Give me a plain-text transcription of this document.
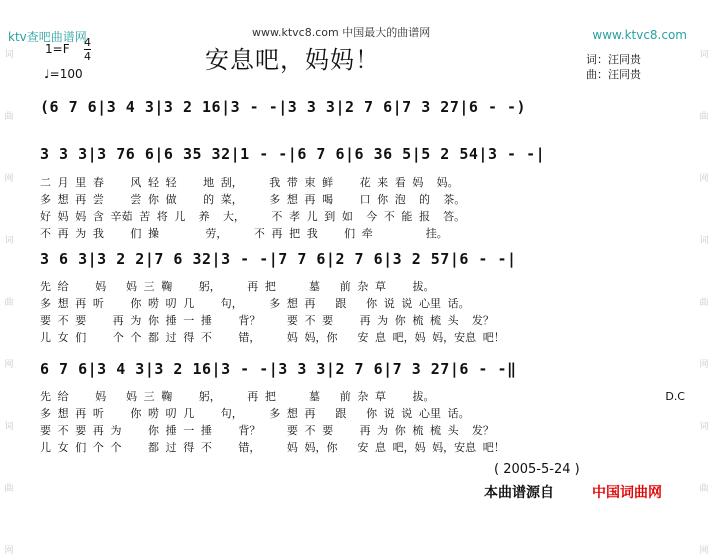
词
曲
网
词
曲
网
词
曲
网
词
曲
网
词
曲
网
词
曲
网
ktv查吧曲谱网	www.ktvc8.com 中国最大的曲谱网	www.ktvc8.com
安息吧，妈妈！
1=F 4
4
♩=100
词：汪同贵
曲：汪同贵
(6 7 6|3 4 3|3 2 16|3 - -|3 3 3|2 7 6|7 3 27|6 - -)
3 3 3|3 76 6|6 35 32|1 - -|6 7 6|6 36 5|5 2 54|3 - -|
二 月 里 春    风 轻 轻    地 刮，    我 带 束 鲜    花 来 看 妈  妈。
多 想 再 尝    尝 你 做    的 菜，    多 想 再 喝    口 你 泡  的  茶。
好 妈 妈 含 辛茹 苦 将 儿  养  大，    不 孝 儿 到 如  今 不 能 报  答。
不 再 为 我    们 操       劳，    不 再 把 我    们 牵        挂。
3 6 3|3 2 2|7 6 32|3 - -|7 7 6|2 7 6|3 2 57|6 - -|
先 给    妈   妈 三 鞠    躬，    再 把     墓   前 杂 草    拔。
多 想 再 听    你 唠 叨 几    句，    多 想 再   跟   你 说 说 心里 话。
要 不 要    再 为 你 捶 一 捶    背？    要 不 要    再 为 你 梳 梳 头  发？
儿 女 们    个 个 都 过 得 不    错，    妈 妈，你   安 息 吧，妈 妈，安息 吧！
6 7 6|3 4 3|3 2 16|3 - -|3 3 3|2 7 6|7 3 27|6 - -‖
先 给    妈   妈 三 鞠    躬，    再 把     墓   前 杂 草    拔。
多 想 再 听    你 唠 叨 几    句，    多 想 再   跟   你 说 说 心里 话。
要 不 要 再 为    你 捶 一 捶    背？    要 不 要    再 为 你 梳 梳 头  发？
儿 女 们 个 个    都 过 得 不    错，    妈 妈，你   安 息 吧，妈 妈，安息 吧！
D.C
( 2005-5-24 )
本曲谱源自	中国词曲网
